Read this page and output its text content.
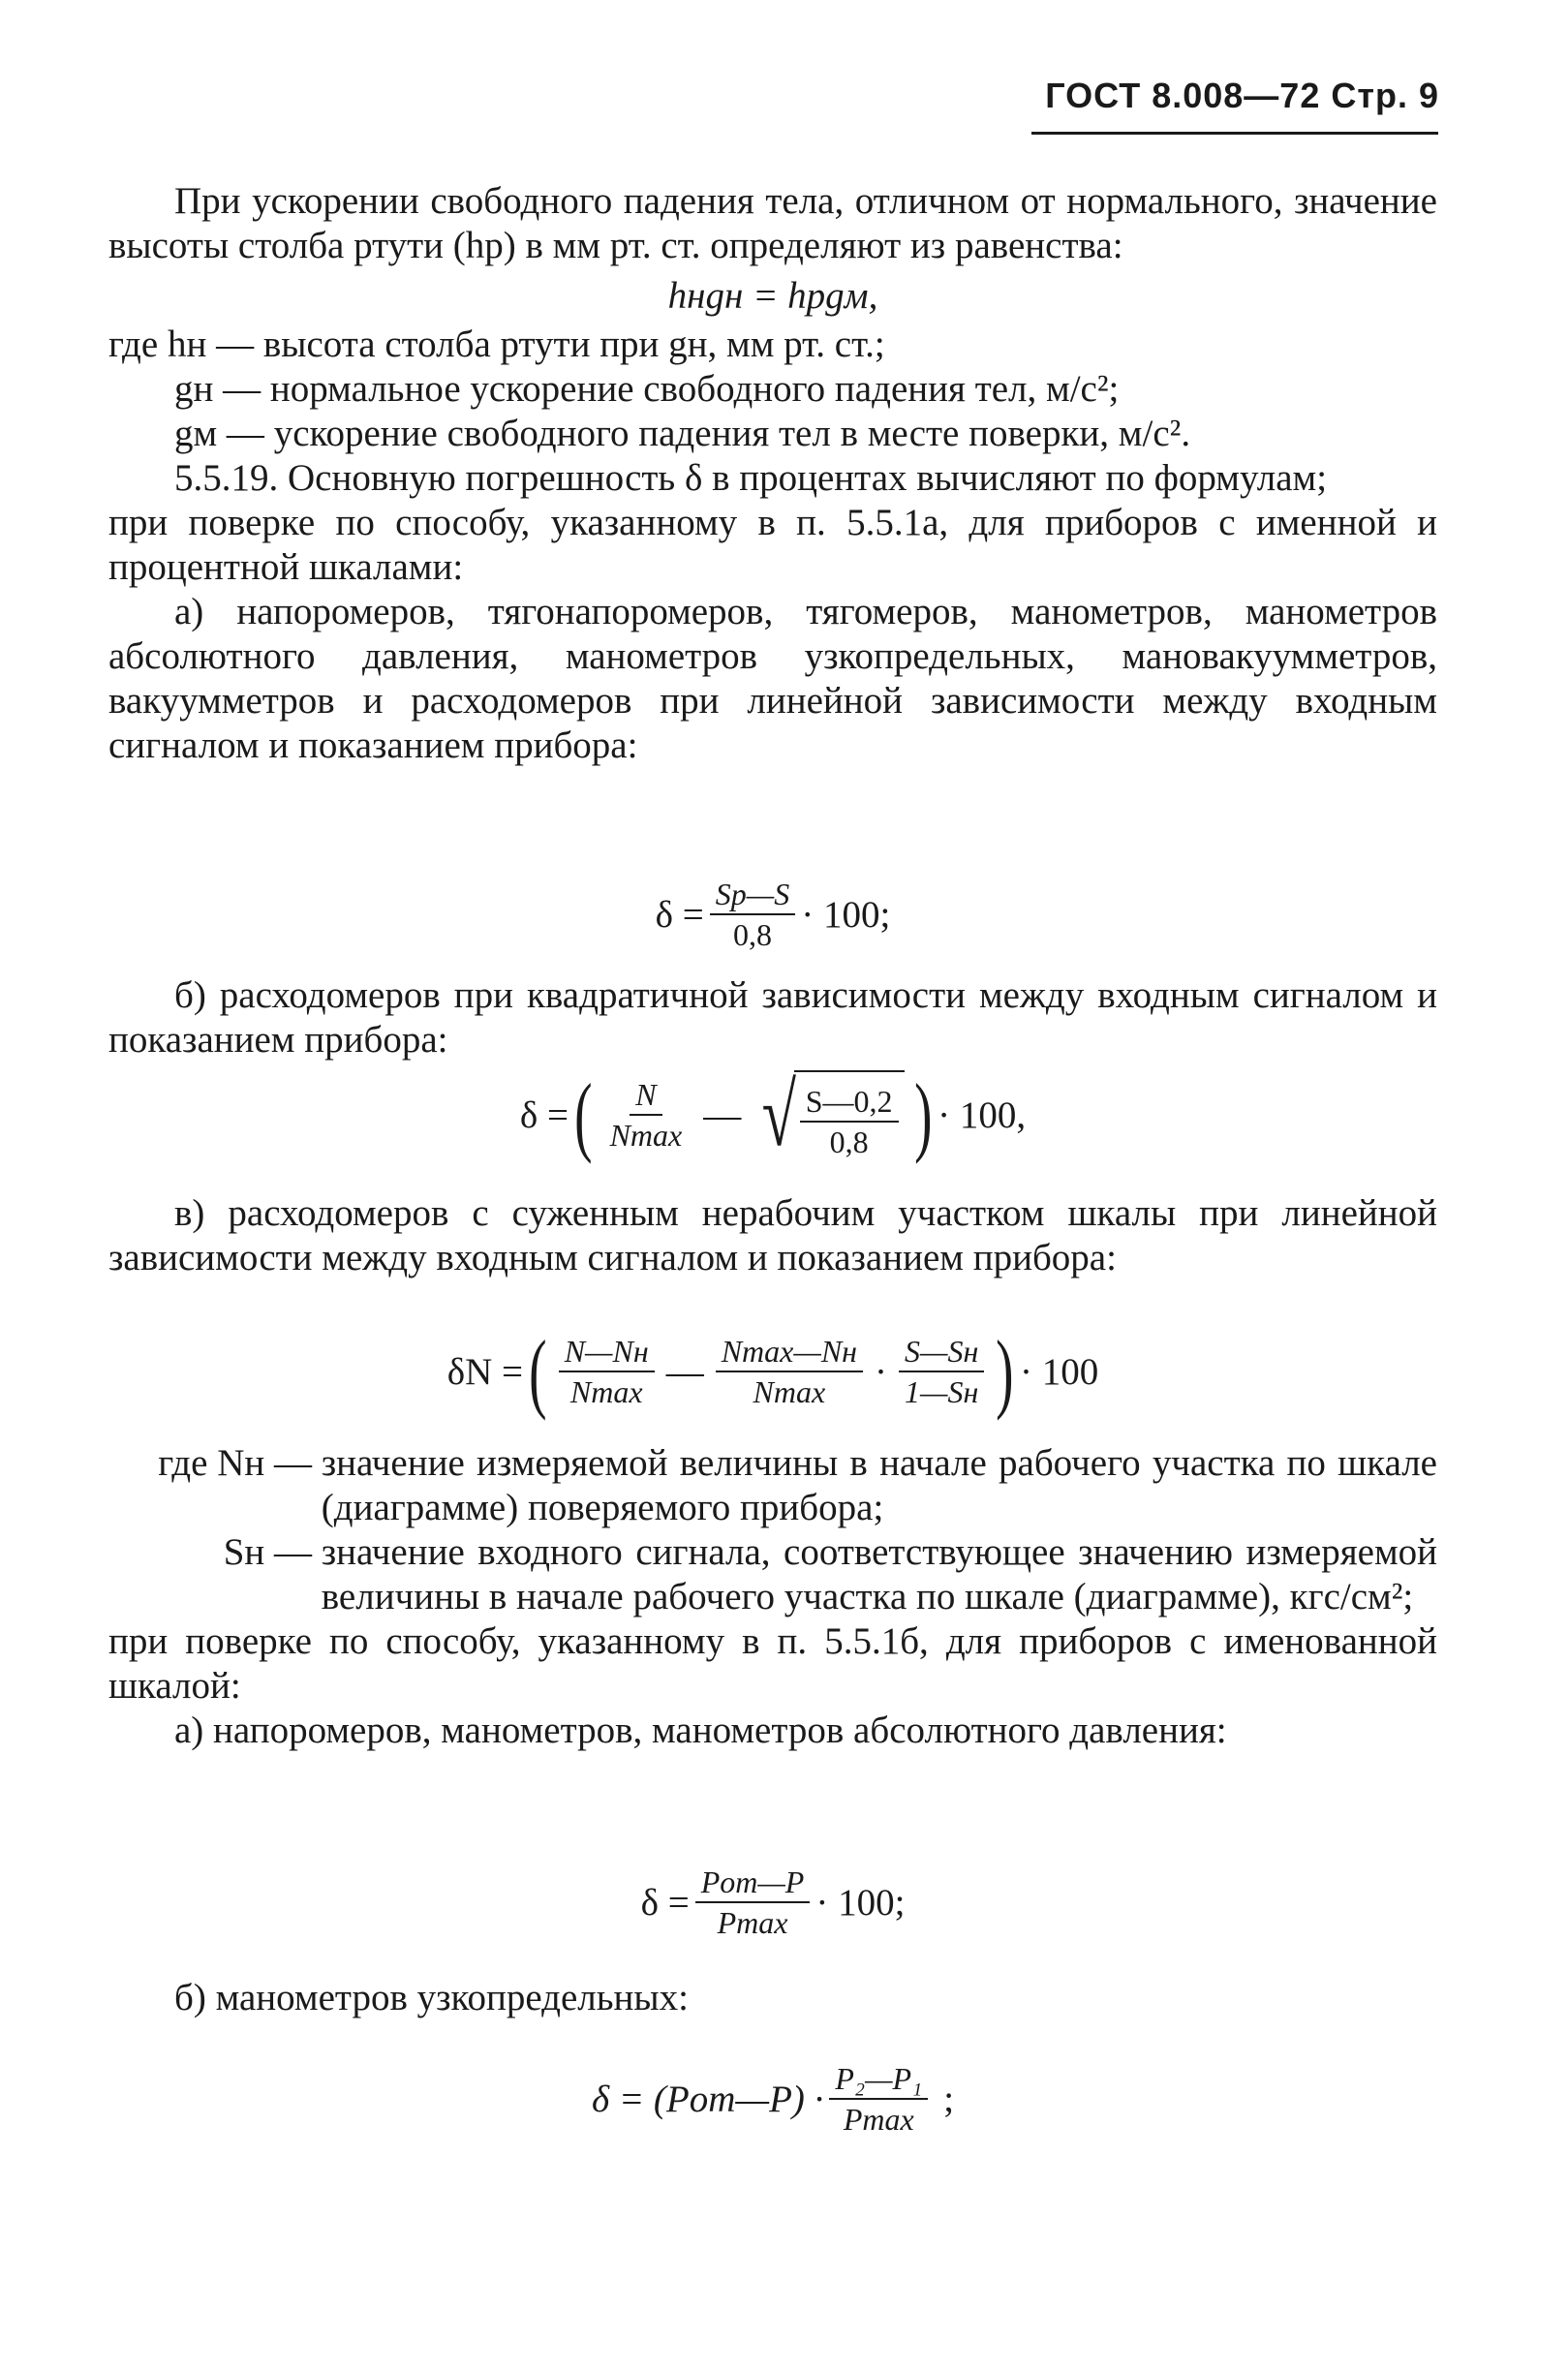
ГОСТ 8.008—72 Стр. 9

При ускорении свободного падения тела, отличном от нормального, значение высоты столба ртути (hр) в мм рт. ст. определяют из равенства:

hнgн = hрgм,
где hн —
высота столба ртути при gн, мм рт. ст.;
gн —
нормальное ускорение свободного падения тел, м/с²;
gм —
ускорение свободного падения тел в месте поверки, м/с².

5.5.19. Основную погрешность δ в процентах вычисляют по формулам;

при поверке по способу, указанному в п. 5.5.1а, для приборов с именной и процентной шкалами:

а) напоромеров, тягонапоромеров, тягомеров, манометров, манометров абсолютного давления, манометров узкопредельных, мановакуумметров, вакуумметров и расходомеров при линейной зависимости между входным сигналом и показанием прибора:

$\delta = \frac{Sр—S}{0,8} \cdot 100$;

б) расходомеров при квадратичной зависимости между входным сигналом и показанием прибора:

δ = ( $\frac{N}{Nmax}$ — √ $\frac{S—0,2}{0,8}$ ) · 100,

в) расходомеров с суженным нерабочим участком шкалы при линейной зависимости между входным сигналом и показанием прибора:

δN = ( $\frac{N—Nн}{Nmax}$ — $\frac{Nmax—Nн}{Nmax} \cdot \frac{S—Sн}{1—Sн}$ ) · 100
где Nн —
значение измеряемой величины в начале рабочего участка по шкале (диаграмме) поверяемого прибора;
Sн —
значение входного сигнала, соответствующее значению измеряемой величины в начале рабочего участка по шкале (диаграмме), кгс/см²;

при поверке по способу, указанному в п. 5.5.1б, для приборов с именованной шкалой:

а) напоромеров, манометров, манометров абсолютного давления:

$\delta = \frac{\text{Pот—P}}{Pmax} \cdot 100$;

б) манометров узкопредельных:

δ = (Pот—P) · $\frac{\text{P₂—P₁}}{Pmax}$ ;
